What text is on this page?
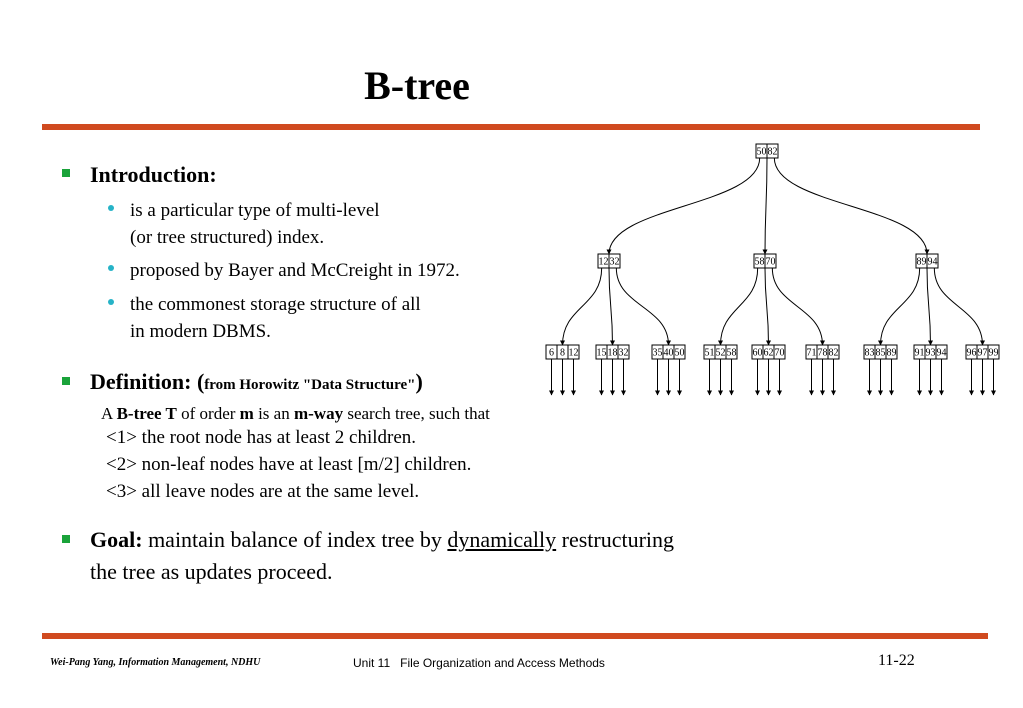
B-tree
Introduction:
is a particular type of multi-level
(or tree structured) index.
proposed by Bayer and McCreight in 1972.
the commonest storage structure of all
in modern DBMS.
Definition: (from Horowitz "Data Structure")
A B-tree T of order m is an m-way search tree, such that
<1> the root node has at least 2 children.
<2> non-leaf nodes have at least [m/2] children.
<3> all leave nodes are at the same level.
Goal: maintain balance of index tree by dynamically restructuring
the tree as updates proceed.
50 82
12 32	58 70	89 94
6 8 12 15 18 32 35 40 50 51 52 58 60 62 70 71 78 82	83 85 89 91 93 94 96 97 99
Wei-Pang Yang, Information Management, NDHU	Unit 11 File Organization and Access Methods	11-22
